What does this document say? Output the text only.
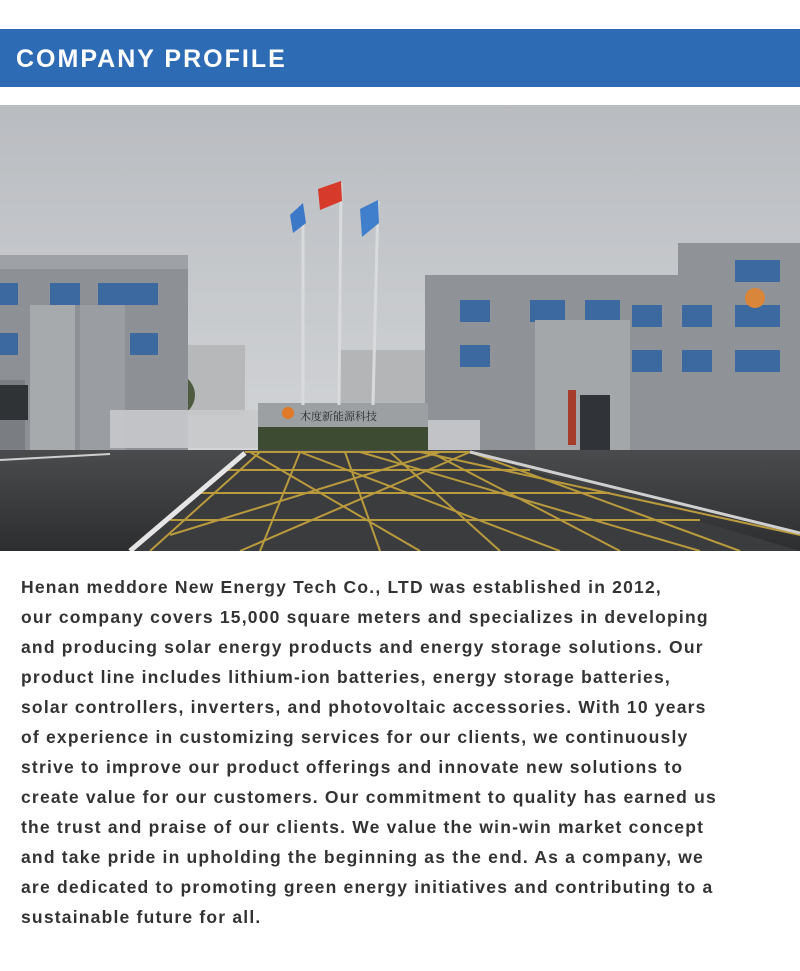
COMPANY PROFILE
木度新能源科技

Henan meddore New Energy Tech Co., LTD was established in 2012,
our company covers 15,000 square meters and specializes in developing
and producing solar energy products and energy storage solutions. Our
product line includes lithium-ion batteries, energy storage batteries,
solar controllers, inverters, and photovoltaic accessories. With 10 years
of experience in customizing services for our clients, we continuously
strive to improve our product offerings and innovate new solutions to
create value for our customers. Our commitment to quality has earned us
the trust and praise of our clients. We value the win-win market concept
and take pride in upholding the beginning as the end. As a company, we
are dedicated to promoting green energy initiatives and contributing to a
sustainable future for all.
